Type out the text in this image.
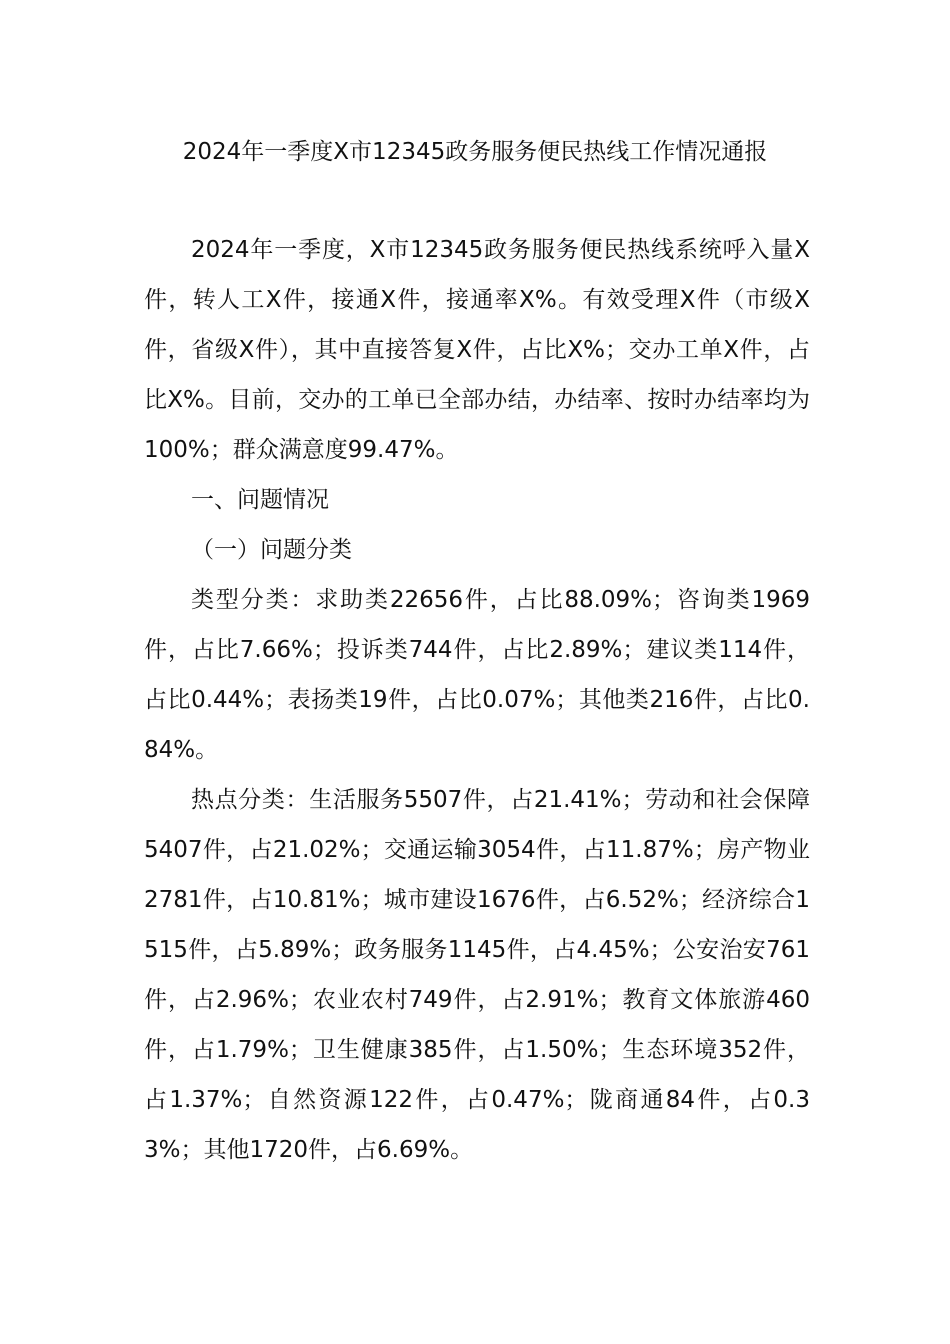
2024年一季度X市12345政务服务便民热线工作情况通报

2024年一季度，X市12345政务服务便民热线系统呼入量X件，转人工X件，接通X件，接通率X%。有效受理X件（市级X件，省级X件），其中直接答复X件，占比X%；交办工单X件，占比X%。目前，交办的工单已全部办结，办结率、按时办结率均为100%；群众满意度99.47%。

一、问题情况

（一）问题分类

类型分类：求助类22656件，占比88.09%；咨询类1969件，占比7.66%；投诉类744件，占比2.89%；建议类114件，占比0.44%；表扬类19件，占比0.07%；其他类216件，占比0.84%。

热点分类：生活服务5507件，占21.41%；劳动和社会保障5407件，占21.02%；交通运输3054件，占11.87%；房产物业2781件，占10.81%；城市建设1676件，占6.52%；经济综合1515件，占5.89%；政务服务1145件，占4.45%；公安治安761件，占2.96%；农业农村749件，占2.91%；教育文体旅游460件，占1.79%；卫生健康385件，占1.50%；生态环境352件，占1.37%；自然资源122件，占0.47%；陇商通84件，占0.33%；其他1720件，占6.69%。
